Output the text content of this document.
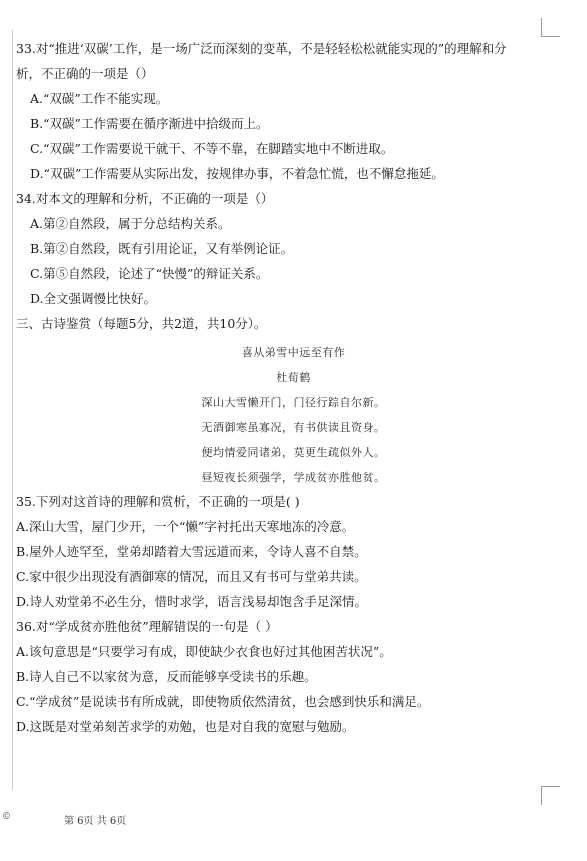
33.对“推进‘双碳’工作，是一场广泛而深刻的变革，不是轻轻松松就能实现的”的理解和分
析，不正确的一项是（）
A.“双碳”工作不能实现。
B.“双碳”工作需要在循序渐进中拾级而上。
C.“双碳”工作需要说干就干、不等不靠，在脚踏实地中不断进取。
D.“双碳”工作需要从实际出发，按规律办事，不着急忙慌，也不懈怠拖延。
34.对本文的理解和分析，不正确的一项是（）
A.第②自然段，属于分总结构关系。
B.第②自然段，既有引用论证，又有举例论证。
C.第⑤自然段，论述了“快慢”的辩证关系。
D.全文强调慢比快好。
三、古诗鉴赏（每题5分，共2道，共10分）。
喜从弟雪中远至有作
杜荀鹤
深山大雪懒开门，门径行踪自尔新。
无酒御寒虽寡况，有书供读且资身。
便均情爱同诸弟，莫更生疏似外人。
昼短夜长须强学，学成贫亦胜他贫。
35.下列对这首诗的理解和赏析，不正确的一项是( )
A.深山大雪，屋门少开，一个“懒”字衬托出天寒地冻的冷意。
B.屋外人迹罕至，堂弟却踏着大雪远道而来，令诗人喜不自禁。
C.家中很少出现没有酒御寒的情况，而且又有书可与堂弟共读。
D.诗人劝堂弟不必生分，惜时求学，语言浅易却饱含手足深情。
36.对“学成贫亦胜他贫”理解错误的一句是（ ）
A.该句意思是“只要学习有成，即使缺少衣食也好过其他困苦状况”。
B.诗人自己不以家贫为意，反而能够享受读书的乐趣。
C.“学成贫”是说读书有所成就，即使物质依然清贫，也会感到快乐和满足。
D.这既是对堂弟刻苦求学的劝勉，也是对自我的宽慰与勉励。
©	第 6页 共 6页
